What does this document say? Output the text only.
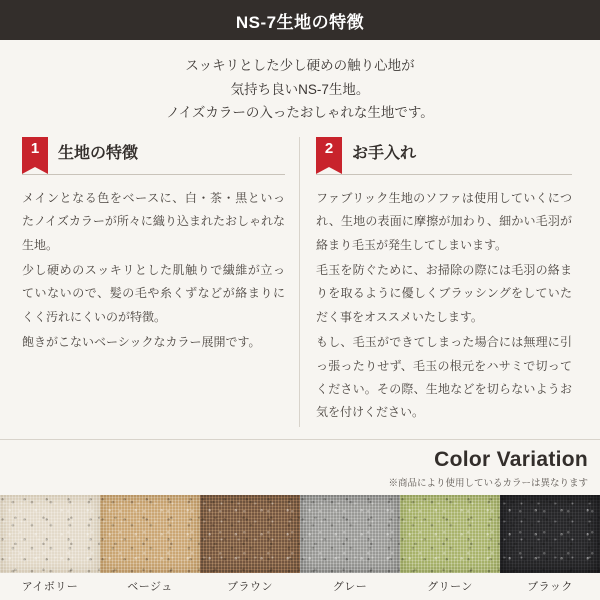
NS-7生地の特徴
スッキリとした少し硬めの触り心地が
気持ち良いNS-7生地。
ノイズカラーの入ったおしゃれな生地です。
1	生地の特徴

メインとなる色をベースに、白・茶・黒といったノイズカラーが所々に織り込まれたおしゃれな生地。

少し硬めのスッキリとした肌触りで繊維が立っていないので、髪の毛や糸くずなどが絡まりにくく汚れにくいのが特徴。

飽きがこないベーシックなカラー展開です。

2	お手入れ

ファブリック生地のソファは使用していくにつれ、生地の表面に摩擦が加わり、細かい毛羽が絡まり毛玉が発生してしまいます。

毛玉を防ぐために、お掃除の際には毛羽の絡まりを取るように優しくブラッシングをしていただく事をオススメいたします。

もし、毛玉ができてしまった場合には無理に引っ張ったりせず、毛玉の根元をハサミで切ってください。その際、生地などを切らないようお気を付けください。

Color Variation
※商品により使用しているカラーは異なります
アイボリー	ベージュ	ブラウン	グレー	グリーン	ブラック
